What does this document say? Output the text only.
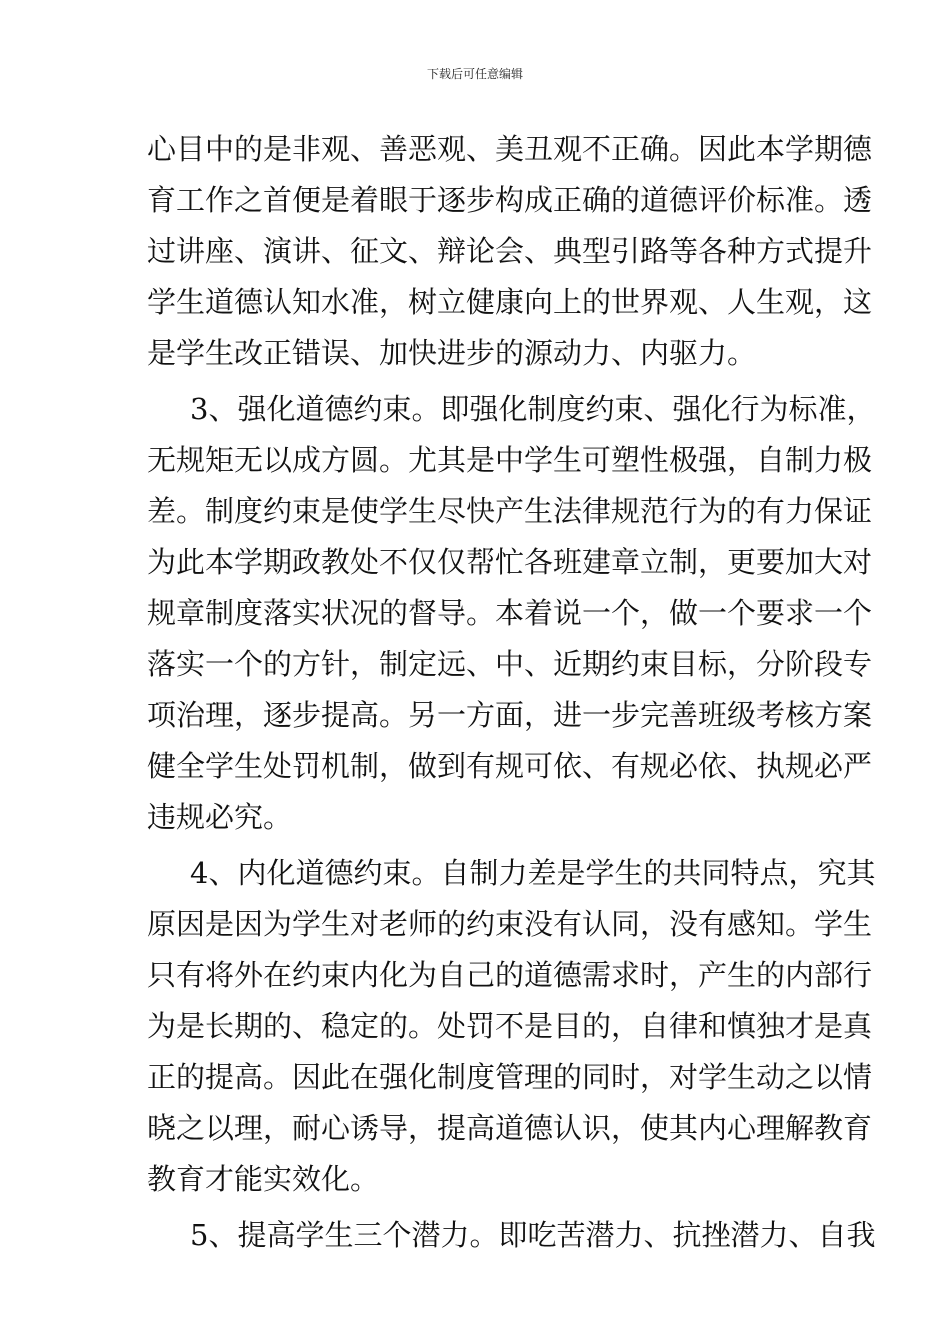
下载后可任意编辑
心目中的是非观、善恶观、美丑观不正确。因此本学期德
育工作之首便是着眼于逐步构成正确的道德评价标准。透
过讲座、演讲、征文、辩论会、典型引路等各种方式提升
学生道德认知水准，树立健康向上的世界观、人生观，这
是学生改正错误、加快进步的源动力、内驱力。
3、强化道德约束。即强化制度约束、强化行为标准，
无规矩无以成方圆。尤其是中学生可塑性极强，自制力极
差。制度约束是使学生尽快产生法律规范行为的有力保证
为此本学期政教处不仅仅帮忙各班建章立制，更要加大对
规章制度落实状况的督导。本着说一个，做一个要求一个
落实一个的方针，制定远、中、近期约束目标，分阶段专
项治理，逐步提高。另一方面，进一步完善班级考核方案
健全学生处罚机制，做到有规可依、有规必依、执规必严
违规必究。
4、内化道德约束。自制力差是学生的共同特点，究其
原因是因为学生对老师的约束没有认同，没有感知。学生
只有将外在约束内化为自己的道德需求时，产生的内部行
为是长期的、稳定的。处罚不是目的，自律和慎独才是真
正的提高。因此在强化制度管理的同时，对学生动之以情
晓之以理，耐心诱导，提高道德认识，使其内心理解教育
教育才能实效化。
5、提高学生三个潜力。即吃苦潜力、抗挫潜力、自我
